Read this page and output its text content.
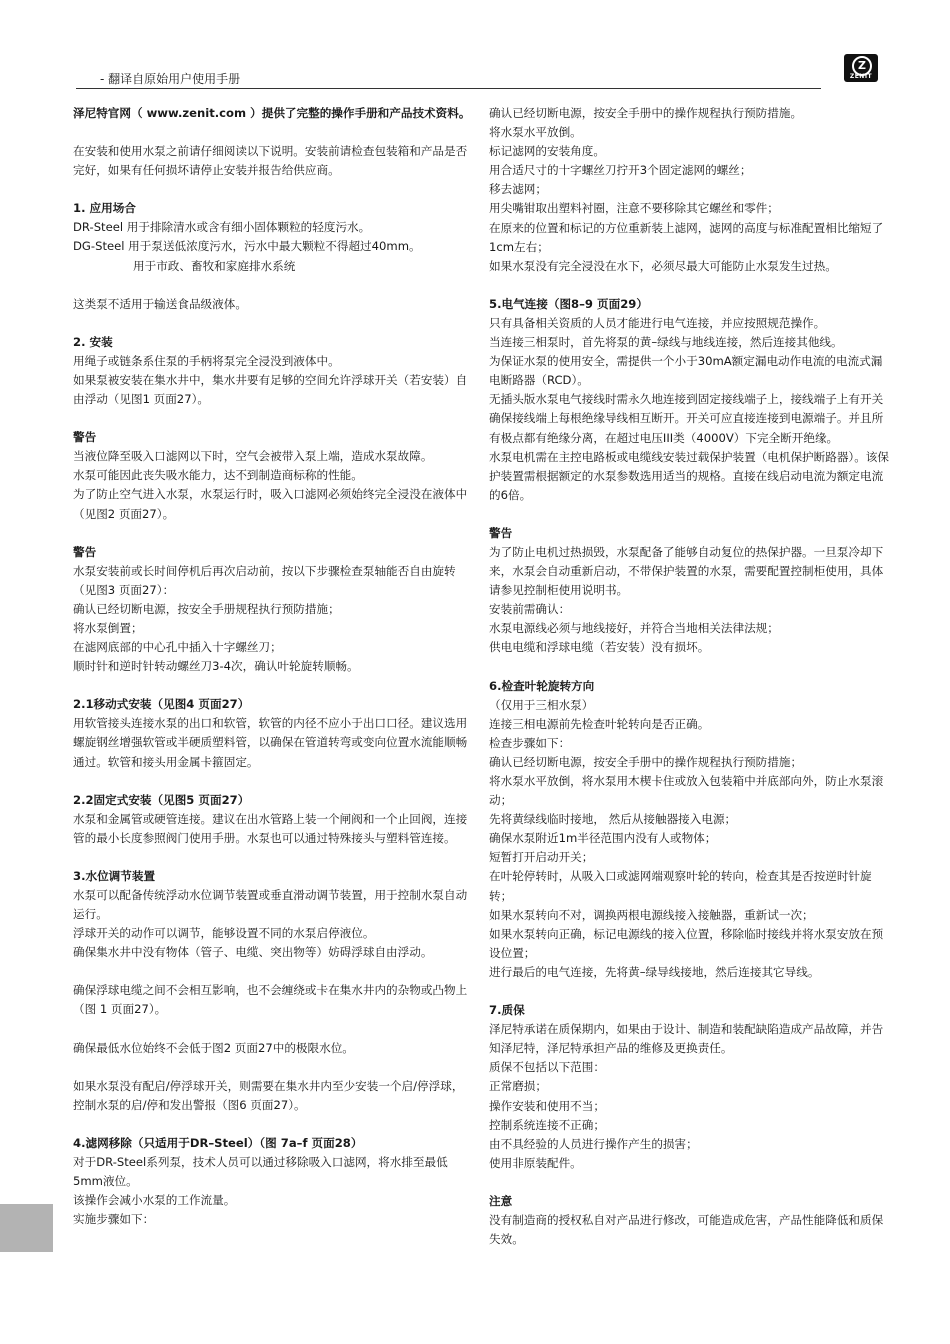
- 翻译自原始用户使用手册
Z
ZENIT

泽尼特官网（ www.zenit.com ）提供了完整的操作手册和产品技术资料。

在安装和使用水泵之前请仔细阅读以下说明。安装前请检查包装箱和产品是否完好，如果有任何损坏请停止安装并报告给供应商。

1. 应用场合

DR-Steel 用于排除清水或含有细小固体颗粒的轻度污水。

DG-Steel 用于泵送低浓度污水，污水中最大颗粒不得超过40mm。

用于市政、畜牧和家庭排水系统

这类泵不适用于输送食品级液体。

2. 安装

用绳子或链条系住泵的手柄将泵完全浸没到液体中。

如果泵被安装在集水井中，集水井要有足够的空间允许浮球开关（若安装）自由浮动（见图1 页面27）。

警告

当液位降至吸入口滤网以下时，空气会被带入泵上端，造成水泵故障。

水泵可能因此丧失吸水能力，达不到制造商标称的性能。

为了防止空气进入水泵，水泵运行时，吸入口滤网必须始终完全浸没在液体中（见图2 页面27）。

警告

水泵安装前或长时间停机后再次启动前，按以下步骤检查泵轴能否自由旋转（见图3 页面27）：

确认已经切断电源，按安全手册规程执行预防措施；

将水泵倒置；

在滤网底部的中心孔中插入十字螺丝刀；

顺时针和逆时针转动螺丝刀3-4次，确认叶轮旋转顺畅。

2.1移动式安装（见图4 页面27）

用软管接头连接水泵的出口和软管，软管的内径不应小于出口口径。建议选用螺旋钢丝增强软管或半硬质塑料管，以确保在管道转弯或变向位置水流能顺畅通过。软管和接头用金属卡箍固定。

2.2固定式安装（见图5 页面27）

水泵和金属管或硬管连接。建议在出水管路上装一个闸阀和一个止回阀，连接管的最小长度参照阀门使用手册。水泵也可以通过特殊接头与塑料管连接。

3.水位调节装置

水泵可以配备传统浮动水位调节装置或垂直滑动调节装置，用于控制水泵自动运行。

浮球开关的动作可以调节，能够设置不同的水泵启停液位。

确保集水井中没有物体（管子、电缆、突出物等）妨碍浮球自由浮动。

确保浮球电缆之间不会相互影响，也不会缠绕或卡在集水井内的杂物或凸物上（图 1 页面27）。

确保最低水位始终不会低于图2 页面27中的极限水位。

如果水泵没有配启/停浮球开关，则需要在集水井内至少安装一个启/停浮球，控制水泵的启/停和发出警报（图6 页面27）。

4.滤网移除（只适用于DR–Steel）（图 7a–f 页面28）

对于DR-Steel系列泵，技术人员可以通过移除吸入口滤网，将水排至最低5mm液位。

该操作会减小水泵的工作流量。

实施步骤如下：

确认已经切断电源，按安全手册中的操作规程执行预防措施。

将水泵水平放倒。

标记滤网的安装角度。

用合适尺寸的十字螺丝刀拧开3个固定滤网的螺丝；

移去滤网；

用尖嘴钳取出塑料衬圈，注意不要移除其它螺丝和零件；

在原来的位置和标记的方位重新装上滤网，滤网的高度与标准配置相比缩短了1cm左右；

如果水泵没有完全浸没在水下，必须尽最大可能防止水泵发生过热。

5.电气连接（图8–9 页面29）

只有具备相关资质的人员才能进行电气连接，并应按照规范操作。

当连接三相泵时，首先将泵的黄–绿线与地线连接，然后连接其他线。

为保证水泵的使用安全，需提供一个小于30mA额定漏电动作电流的电流式漏电断路器（RCD）。

无插头版水泵电气接线时需永久地连接到固定接线端子上，接线端子上有开关确保接线端上每根绝缘导线相互断开。开关可应直接连接到电源端子。并且所有极点都有绝缘分离，在超过电压III类（4000V）下完全断开绝缘。

水泵电机需在主控电路板或电缆线安装过载保护装置（电机保护断路器）。该保护装置需根据额定的水泵参数选用适当的规格。直接在线启动电流为额定电流的6倍。

警告

为了防止电机过热损毁，水泵配备了能够自动复位的热保护器。一旦泵冷却下来，水泵会自动重新启动，不带保护装置的水泵，需要配置控制柜使用，具体请参见控制柜使用说明书。

安装前需确认：

水泵电源线必须与地线接好，并符合当地相关法律法规；

供电电缆和浮球电缆（若安装）没有损坏。

6.检查叶轮旋转方向

（仅用于三相水泵）

连接三相电源前先检查叶轮转向是否正确。

检查步骤如下：

确认已经切断电源，按安全手册中的操作规程执行预防措施；

将水泵水平放倒，将水泵用木楔卡住或放入包装箱中并底部向外，防止水泵滚动；

先将黄绿线临时接地， 然后从接触器接入电源；

确保水泵附近1m半径范围内没有人或物体；

短暂打开启动开关；

在叶轮停转时，从吸入口或滤网端观察叶轮的转向，检查其是否按逆时针旋转；

如果水泵转向不对，调换两根电源线接入接触器，重新试一次；

如果水泵转向正确，标记电源线的接入位置，移除临时接线并将水泵安放在预设位置；

进行最后的电气连接，先将黄–绿导线接地，然后连接其它导线。

7.质保

泽尼特承诺在质保期内，如果由于设计、制造和装配缺陷造成产品故障，并告知泽尼特，泽尼特承担产品的维修及更换责任。

质保不包括以下范围：

正常磨损；

操作安装和使用不当；

控制系统连接不正确；

由不具经验的人员进行操作产生的损害；

使用非原装配件。

注意

没有制造商的授权私自对产品进行修改，可能造成危害，产品性能降低和质保失效。
